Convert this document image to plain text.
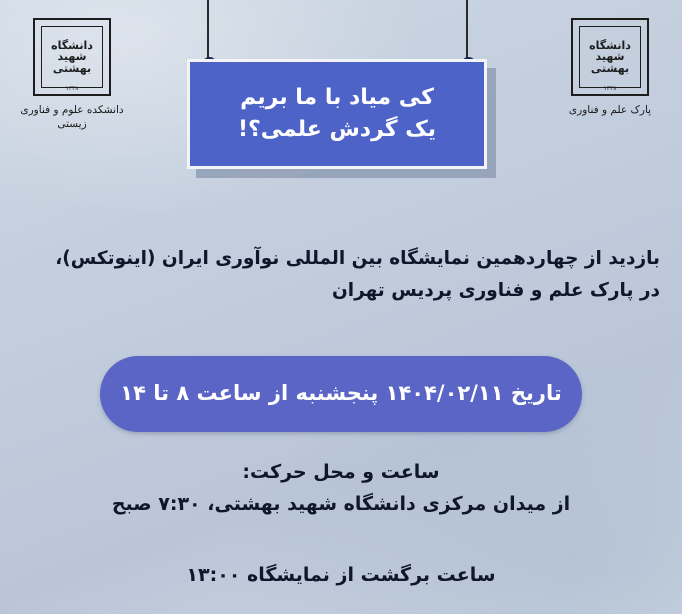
دانشگاه
شهید
بهشتی
۱۳۳۸
دانشکده علوم و فناوری زیستی
دانشگاه
شهید
بهشتی
۱۳۳۸
پارک علم و فناوری
کی میاد با ما بریم
یک گردش علمی؟!
بازدید از چهاردهمین نمایشگاه بین المللی نوآوری ایران (اینوتکس)،
در پارک علم و فناوری پردیس تهران
تاریخ ۱۴۰۴/۰۲/۱۱ پنجشنبه از ساعت ۸ تا ۱۴
ساعت و محل حرکت:
از میدان مرکزی دانشگاه شهید بهشتی، ۷:۳۰ صبح
ساعت برگشت از نمایشگاه ۱۳:۰۰
